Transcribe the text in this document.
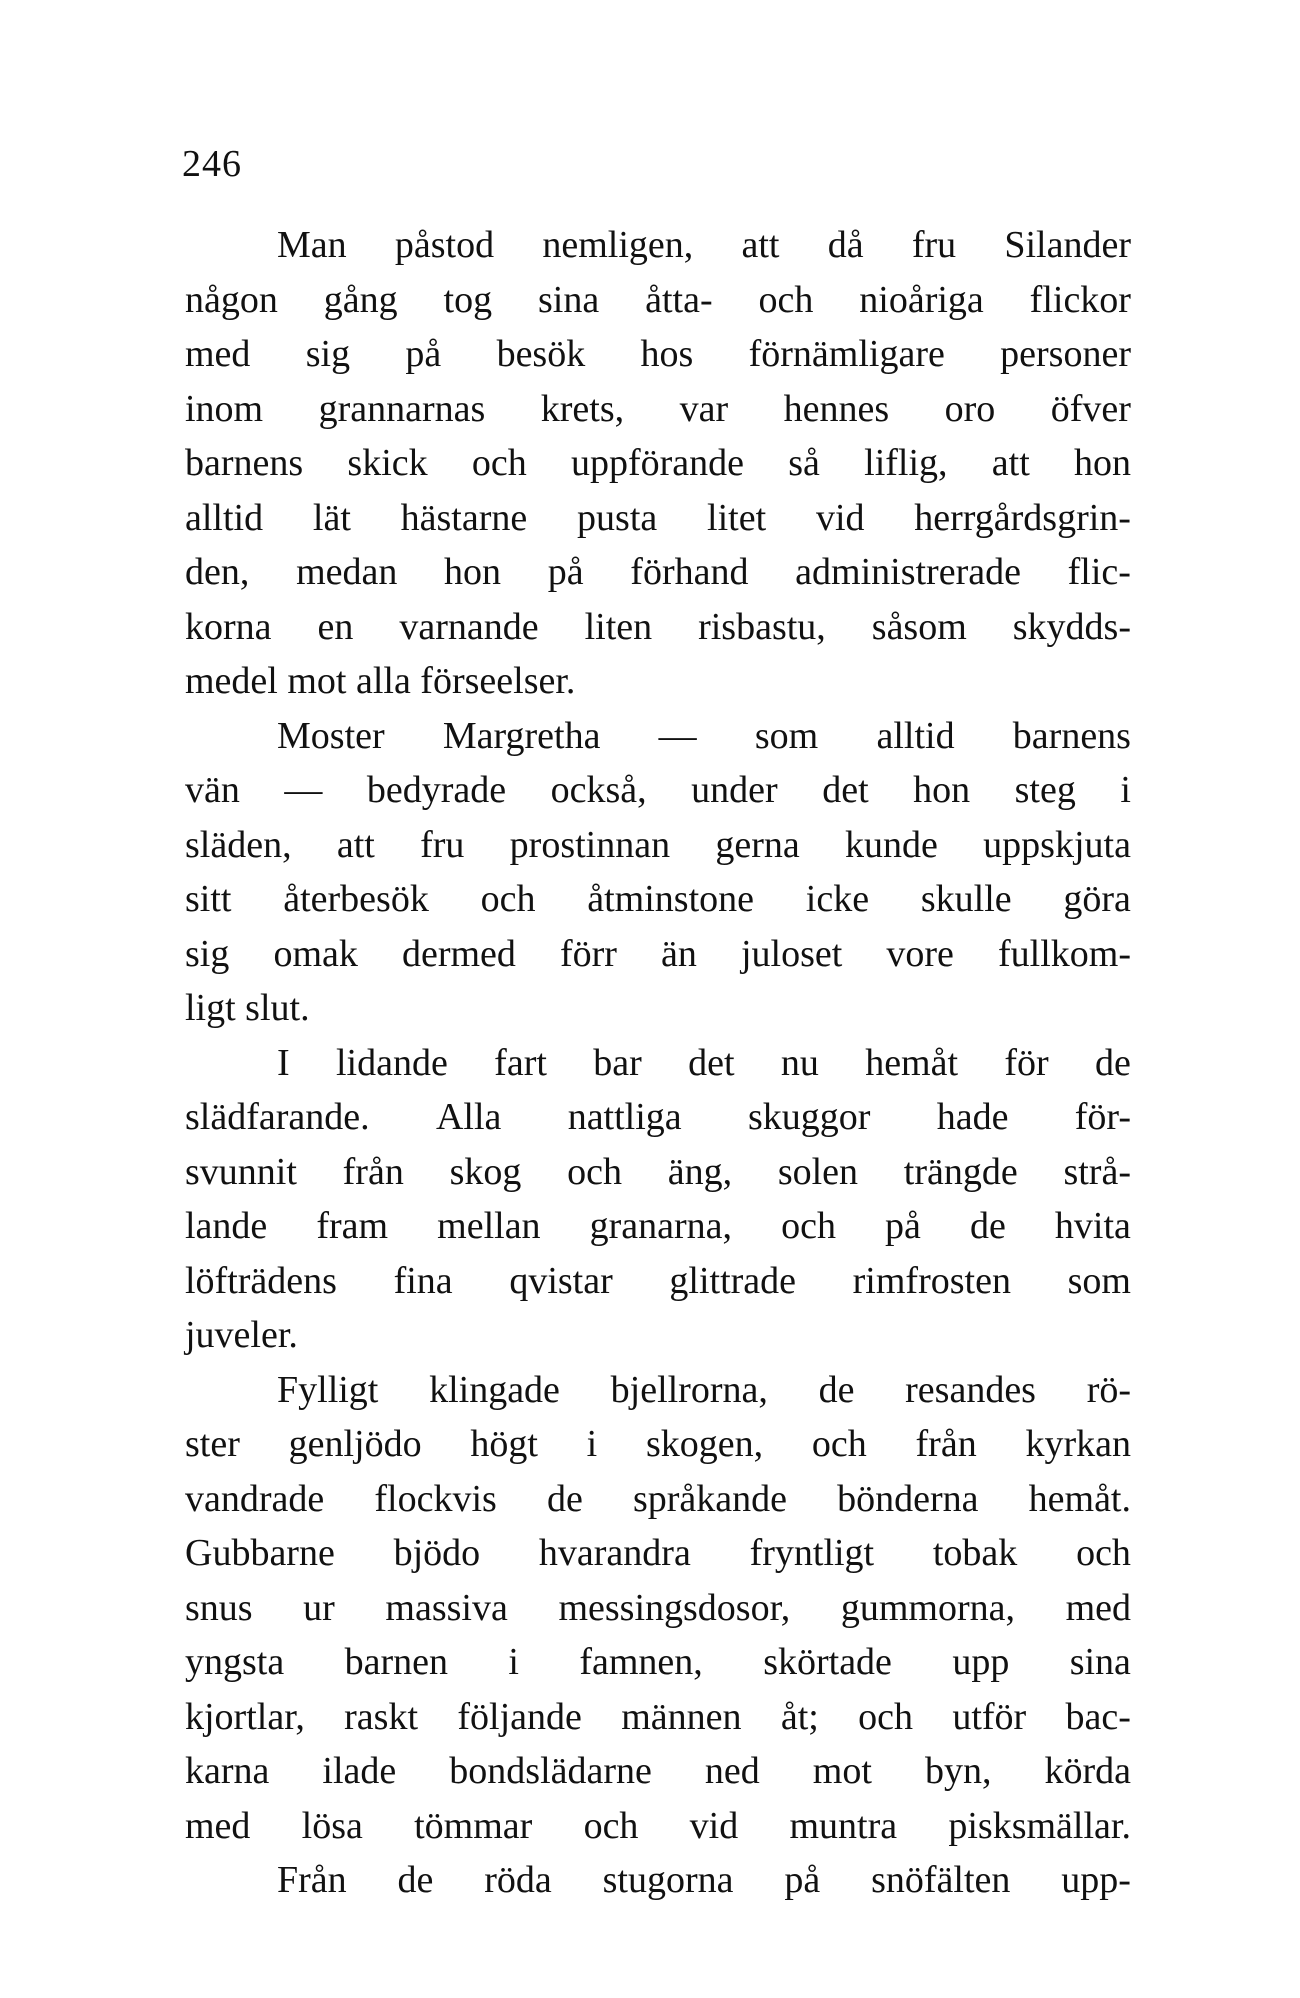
246
Man påstod nemligen, att då fru Silander
någon gång tog sina åtta- och nioåriga flickor
med sig på besök hos förnämligare personer
inom grannarnas krets, var hennes oro öfver
barnens skick och uppförande så liflig, att hon
alltid lät hästarne pusta litet vid herrgårdsgrin-
den, medan hon på förhand administrerade flic-
korna en varnande liten risbastu, såsom skydds-
medel mot alla förseelser.
Moster Margretha — som alltid barnens
vän — bedyrade också, under det hon steg i
släden, att fru prostinnan gerna kunde uppskjuta
sitt återbesök och åtminstone icke skulle göra
sig omak dermed förr än juloset vore fullkom-
ligt slut.
I lidande fart bar det nu hemåt för de
slädfarande. Alla nattliga skuggor hade för-
svunnit från skog och äng, solen trängde strå-
lande fram mellan granarna, och på de hvita
löfträdens fina qvistar glittrade rimfrosten som
juveler.
Fylligt klingade bjellrorna, de resandes rö-
ster genljödo högt i skogen, och från kyrkan
vandrade flockvis de språkande bönderna hemåt.
Gubbarne bjödo hvarandra fryntligt tobak och
snus ur massiva messingsdosor, gummorna, med
yngsta barnen i famnen, skörtade upp sina
kjortlar, raskt följande männen åt; och utför bac-
karna ilade bondslädarne ned mot byn, körda
med lösa tömmar och vid muntra pisksmällar.
Från de röda stugorna på snöfälten upp-
